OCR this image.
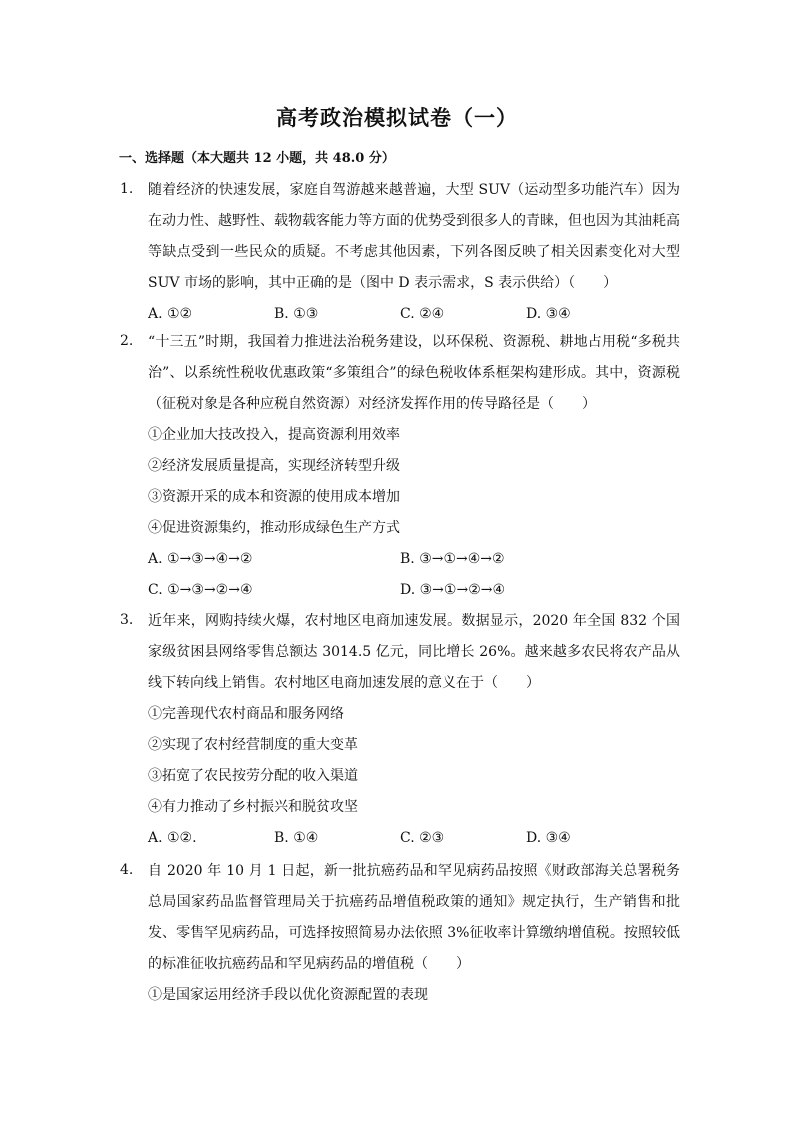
高考政治模拟试卷（一）
一、选择题（本大题共 12 小题，共 48.0 分）
1.	随着经济的快速发展，家庭自驾游越来越普遍，大型 SUV（运动型多功能汽车）因为在动力性、越野性、载物载客能力等方面的优势受到很多人的青睐，但也因为其油耗高等缺点受到一些民众的质疑。不考虑其他因素，下列各图反映了相关因素变化对大型 SUV 市场的影响，其中正确的是（图中 D 表示需求，S 表示供给）（　　）

A. ①②	B. ①③	C. ②④	D. ③④
2.	“十三五”时期，我国着力推进法治税务建设，以环保税、资源税、耕地占用税“多税共治”、以系统性税收优惠政策“多策组合”的绿色税收体系框架构建形成。其中，资源税（征税对象是各种应税自然资源）对经济发挥作用的传导路径是（　　）

①企业加大技改投入，提高资源利用效率
②经济发展质量提高，实现经济转型升级
③资源开采的成本和资源的使用成本增加
④促进资源集约，推动形成绿色生产方式
A. ①→③→④→②	B. ③→①→④→②
C. ①→③→②→④	D. ③→①→②→④
3.	近年来，网购持续火爆，农村地区电商加速发展。数据显示，2020 年全国 832 个国家级贫困县网络零售总额达 3014.5 亿元，同比增长 26%。越来越多农民将农产品从线下转向线上销售。农村地区电商加速发展的意义在于（　　）

①完善现代农村商品和服务网络
②实现了农村经营制度的重大变革
③拓宽了农民按劳分配的收入渠道
④有力推动了乡村振兴和脱贫攻坚
A. ①②.	B. ①④	C. ②③	D. ③④
4.	自 2020 年 10 月 1 日起，新一批抗癌药品和罕见病药品按照《财政部海关总署税务总局国家药品监督管理局关于抗癌药品增值税政策的通知》规定执行，生产销售和批发、零售罕见病药品，可选择按照简易办法依照 3%征收率计算缴纳增值税。按照较低的标准征收抗癌药品和罕见病药品的增值税（　　）

①是国家运用经济手段以优化资源配置的表现
